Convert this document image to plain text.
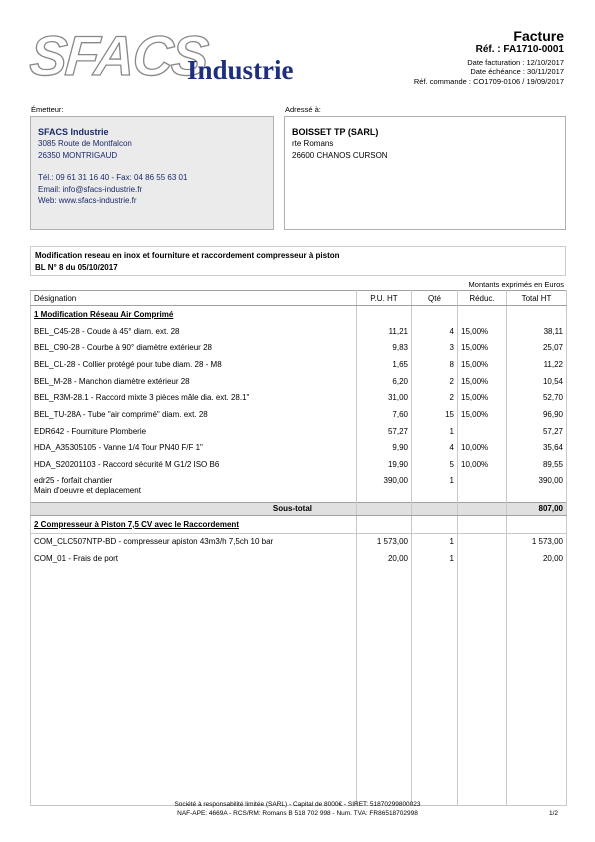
SFACS
Industrie
Facture
Réf. : FA1710-0001
Date facturation : 12/10/2017
Date échéance : 30/11/2017
Réf. commande : CO1709-0106 / 19/09/2017
Émetteur:	Adressé à:
SFACS Industrie
3085 Route de Montfalcon
26350 MONTRIGAUD
Tél.: 09 61 31 16 40 - Fax: 04 86 55 63 01
Email: info@sfacs-industrie.fr
Web: www.sfacs-industrie.fr
BOISSET TP (SARL)
rte Romans
26600 CHANOS CURSON
Modification reseau en inox et fourniture et raccordement compresseur à piston
BL N° 8 du 05/10/2017
Montants exprimés en Euros
Désignation	P.U. HT	Qté	Réduc.	Total HT
1 Modification Réseau Air Comprimé				
BEL_C45-28 - Coude à 45° diam. ext. 28	11,21	4	15,00%	38,11
BEL_C90-28 - Courbe à 90° diamètre extérieur 28	9,83	3	15,00%	25,07
BEL_CL-28 - Collier protégé pour tube diam. 28 - M8	1,65	8	15,00%	11,22
BEL_M-28 - Manchon diamètre extérieur 28	6,20	2	15,00%	10,54
BEL_R3M-28.1 - Raccord mixte 3 pièces mâle dia. ext. 28.1"	31,00	2	15,00%	52,70
BEL_TU-28A - Tube "air comprimé" diam. ext. 28	7,60	15	15,00%	96,90
EDR642 - Fourniture Plomberie	57,27	1		57,27
HDA_A35305105 - Vanne 1/4 Tour PN40 F/F 1"	9,90	4	10,00%	35,64
HDA_S20201103 - Raccord sécurité M G1/2 ISO B6	19,90	5	10,00%	89,55

edr25 - forfait chantier
Main d'oeuvre et deplacement	390,00	1		390,00
Sous-total				807,00
2 Compresseur à Piston 7,5 CV avec le Raccordement				
COM_CLC507NTP-BD - compresseur apiston 43m3/h 7,5ch 10 bar	1 573,00	1		1 573,00
COM_01 - Frais de port	20,00	1		20,00

Société à responsabilité limitée (SARL) - Capital de 8000€ - SIRET: 51870299800023
NAF-APE: 4669A - RCS/RM: Romans B 518 702 998 - Num. TVA: FR86518702998	1/2
